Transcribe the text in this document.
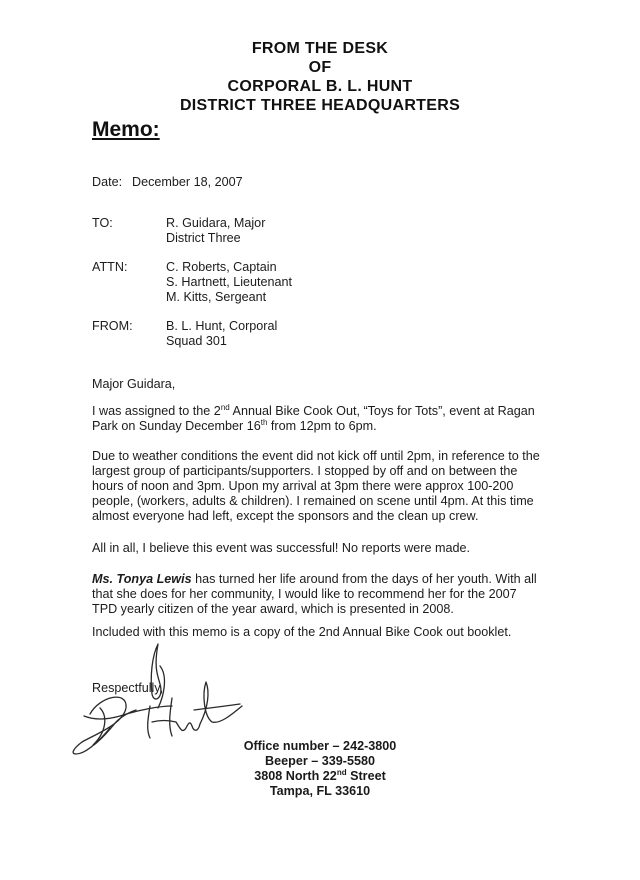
FROM THE DESK
OF
CORPORAL B. L. HUNT
DISTRICT THREE HEADQUARTERS
Memo:
Date: December 18, 2007
TO:	R. Guidara, Major
District Three
ATTN:	C. Roberts, Captain
S. Hartnett, Lieutenant
M. Kitts, Sergeant
FROM:	B. L. Hunt, Corporal
Squad 301
Major Guidara,
I was assigned to the 2nd Annual Bike Cook Out, “Toys for Tots”, event at Ragan
Park on Sunday December 16th from 12pm to 6pm.
Due to weather conditions the event did not kick off until 2pm, in reference to the
largest group of participants/supporters. I stopped by off and on between the
hours of noon and 3pm. Upon my arrival at 3pm there were approx 100-200
people, (workers, adults & children). I remained on scene until 4pm. At this time
almost everyone had left, except the sponsors and the clean up crew.
All in all, I believe this event was successful! No reports were made.
Ms. Tonya Lewis has turned her life around from the days of her youth. With all
that she does for her community, I would like to recommend her for the 2007
TPD yearly citizen of the year award, which is presented in 2008.
Included with this memo is a copy of the 2nd Annual Bike Cook out booklet.
Respectfully,
Office number – 242-3800
Beeper – 339-5580
3808 North 22nd Street
Tampa, FL 33610
